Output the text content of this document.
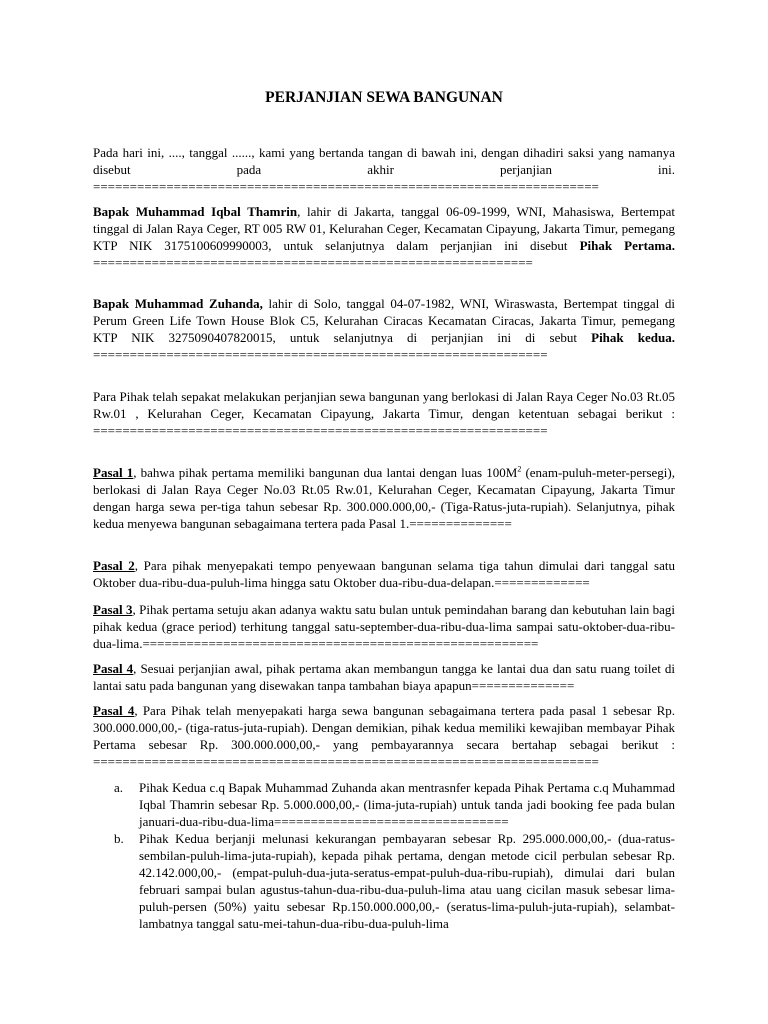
PERJANJIAN SEWA BANGUNAN

Pada hari ini, ...., tanggal ......, kami yang bertanda tangan di bawah ini, dengan dihadiri saksi yang namanya disebut pada akhir perjanjian ini.
=====================================================================

Bapak Muhammad Iqbal Thamrin, lahir di Jakarta, tanggal 06-09-1999, WNI, Mahasiswa, Bertempat tinggal di Jalan Raya Ceger, RT 005 RW 01, Kelurahan Ceger, Kecamatan Cipayung, Jakarta Timur, pemegang KTP NIK 3175100609990003, untuk selanjutnya dalam perjanjian ini disebut Pihak Pertama.
============================================================

Bapak Muhammad Zuhanda, lahir di Solo, tanggal 04-07-1982, WNI, Wiraswasta, Bertempat tinggal di Perum Green Life Town House Blok C5, Kelurahan Ciracas Kecamatan Ciracas, Jakarta Timur, pemegang KTP NIK 3275090407820015, untuk selanjutnya di perjanjian ini di sebut Pihak kedua.
==============================================================

Para Pihak telah sepakat melakukan perjanjian sewa bangunan yang berlokasi di Jalan Raya Ceger No.03 Rt.05 Rw.01 , Kelurahan Ceger, Kecamatan Cipayung, Jakarta Timur, dengan ketentuan sebagai berikut :
==============================================================

Pasal 1, bahwa pihak pertama memiliki bangunan dua lantai dengan luas $100M^2$ (enam-puluh-meter-persegi), berlokasi di Jalan Raya Ceger No.03 Rt.05 Rw.01, Kelurahan Ceger, Kecamatan Cipayung, Jakarta Timur dengan harga sewa per-tiga tahun sebesar Rp. 300.000.000,00,- (Tiga-Ratus-juta-rupiah). Selanjutnya, pihak kedua menyewa bangunan sebagaimana tertera pada Pasal 1.==============

Pasal 2, Para pihak menyepakati tempo penyewaan bangunan selama tiga tahun dimulai dari tanggal satu Oktober dua-ribu-dua-puluh-lima hingga satu Oktober dua-ribu-dua-delapan.=============

Pasal 3, Pihak pertama setuju akan adanya waktu satu bulan untuk pemindahan barang dan kebutuhan lain bagi pihak kedua (grace period) terhitung tanggal satu-september-dua-ribu-dua-lima sampai satu-oktober-dua-ribu-dua-lima.======================================================

Pasal 4, Sesuai perjanjian awal, pihak pertama akan membangun tangga ke lantai dua dan satu ruang toilet di lantai satu pada bangunan yang disewakan tanpa tambahan biaya apapun==============

Pasal 4, Para Pihak telah menyepakati harga sewa bangunan sebagaimana tertera pada pasal 1 sebesar Rp. 300.000.000,00,- (tiga-ratus-juta-rupiah). Dengan demikian, pihak kedua memiliki kewajiban membayar Pihak Pertama sebesar Rp. 300.000.000,00,- yang pembayarannya secara bertahap sebagai berikut : =====================================================================

a. Pihak Kedua c.q Bapak Muhammad Zuhanda akan mentrasnfer kepada Pihak Pertama c.q Muhammad Iqbal Thamrin sebesar Rp. 5.000.000,00,- (lima-juta-rupiah) untuk tanda jadi booking fee pada bulan januari-dua-ribu-dua-lima================================
b. Pihak Kedua berjanji melunasi kekurangan pembayaran sebesar Rp. 295.000.000,00,- (dua-ratus-sembilan-puluh-lima-juta-rupiah), kepada pihak pertama, dengan metode cicil perbulan sebesar Rp. 42.142.000,00,- (empat-puluh-dua-juta-seratus-empat-puluh-dua-ribu-rupiah), dimulai dari bulan februari sampai bulan agustus-tahun-dua-ribu-dua-puluh-lima atau uang cicilan masuk sebesar lima-puluh-persen (50%) yaitu sebesar Rp.150.000.000,00,- (seratus-lima-puluh-juta-rupiah), selambat-lambatnya tanggal satu-mei-tahun-dua-ribu-dua-puluh-lima
